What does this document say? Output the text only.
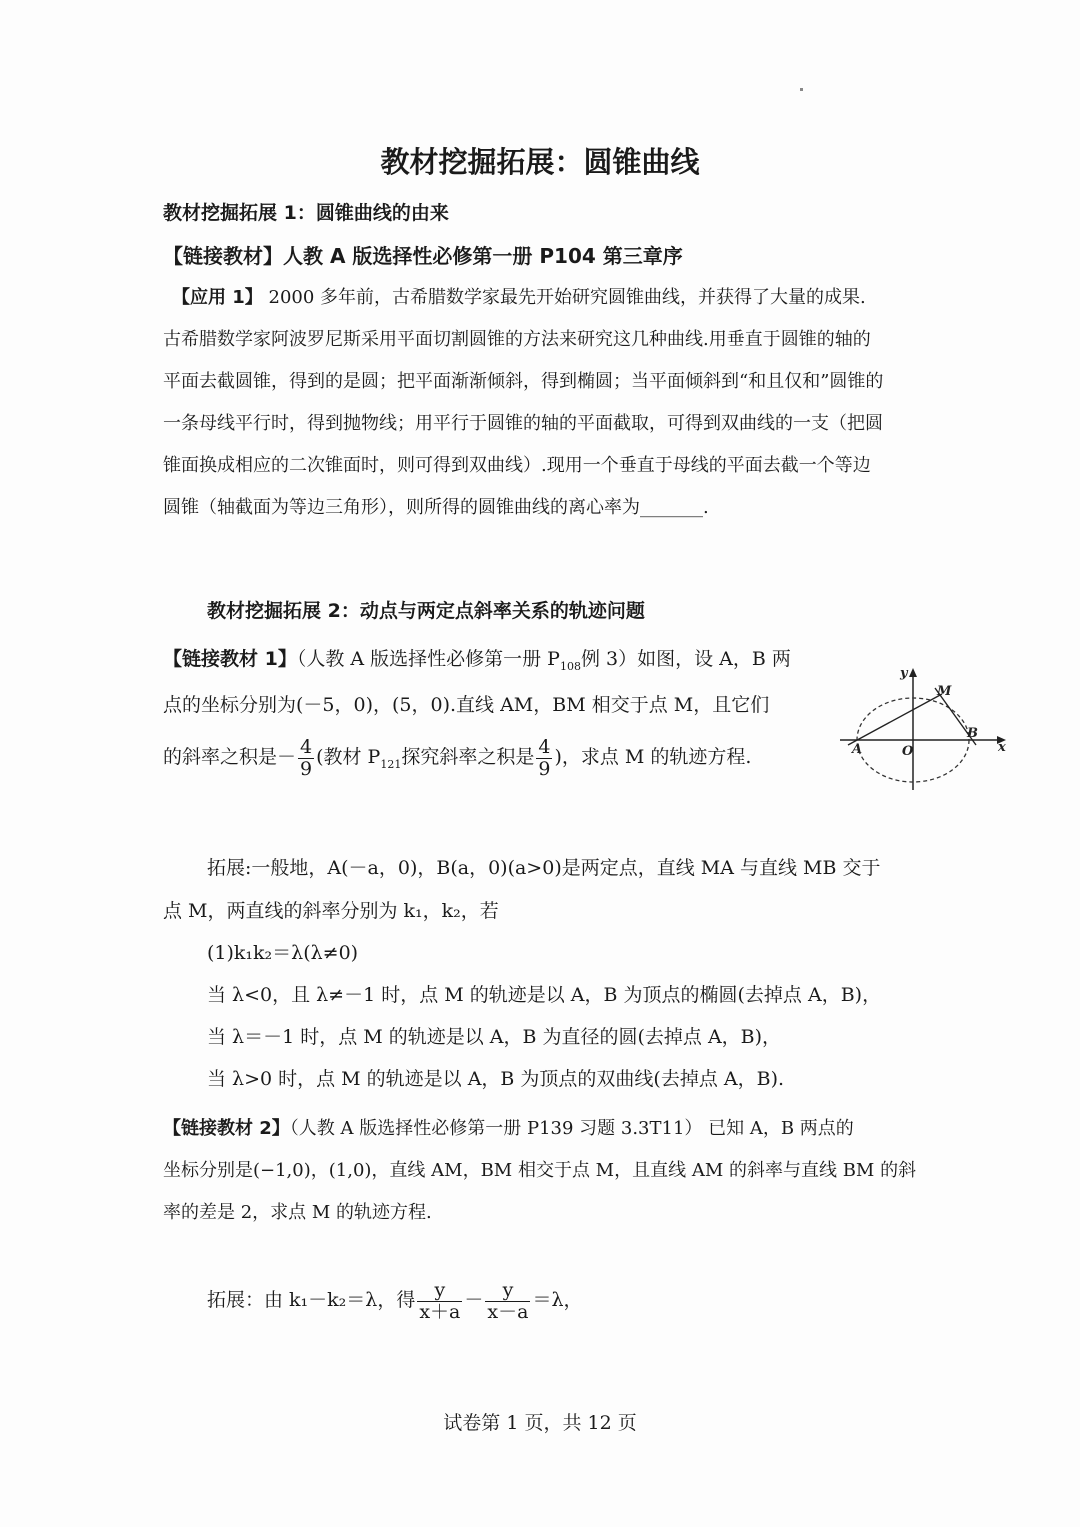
教材挖掘拓展：圆锥曲线
教材挖掘拓展 1：圆锥曲线的由来
【链接教材】人教 A 版选择性必修第一册 P104 第三章序
【应用 1】 2000 多年前，古希腊数学家最先开始研究圆锥曲线，并获得了大量的成果.
古希腊数学家阿波罗尼斯采用平面切割圆锥的方法来研究这几种曲线.用垂直于圆锥的轴的
平面去截圆锥，得到的是圆；把平面渐渐倾斜，得到椭圆；当平面倾斜到“和且仅和”圆锥的
一条母线平行时，得到抛物线；用平行于圆锥的轴的平面截取，可得到双曲线的一支（把圆
锥面换成相应的二次锥面时，则可得到双曲线）.现用一个垂直于母线的平面去截一个等边
圆锥（轴截面为等边三角形），则所得的圆锥曲线的离心率为_______.
教材挖掘拓展 2：动点与两定点斜率关系的轨迹问题
【链接教材 1】（人教 A 版选择性必修第一册 $P_{108}$例 3）如图，设 A，B 两
点的坐标分别为(－5，0)，(5，0).直线 AM，BM 相交于点 M，且它们
的斜率之积是－ $\frac{4}{9}$ (教材 $P_{121}$探究斜率之积是 $\frac{4}{9}$ )，求点 M 的轨迹方程.
y
x
A
B
M
O
拓展:一般地，A(－a，0)，B(a，0)(a>0)是两定点，直线 MA 与直线 MB 交于
点 M，两直线的斜率分别为 k₁，k₂，若
(1)k₁k₂＝λ(λ≠0)
当 λ<0，且 λ≠－1 时，点 M 的轨迹是以 A，B 为顶点的椭圆(去掉点 A，B)，
当 λ＝－1 时，点 M 的轨迹是以 A，B 为直径的圆(去掉点 A，B)，
当 λ>0 时，点 M 的轨迹是以 A，B 为顶点的双曲线(去掉点 A，B).
【链接教材 2】（人教 A 版选择性必修第一册 P139 习题 3.3T11） 已知 A，B 两点的
坐标分别是(−1,0)，(1,0)，直线 AM，BM 相交于点 M，且直线 AM 的斜率与直线 BM 的斜
率的差是 2，求点 M 的轨迹方程.
拓展：由 k₁－k₂＝λ，得 $\frac{y}{x+a} - \frac{y}{x-a} =\lambda$，
试卷第 1 页，共 12 页
